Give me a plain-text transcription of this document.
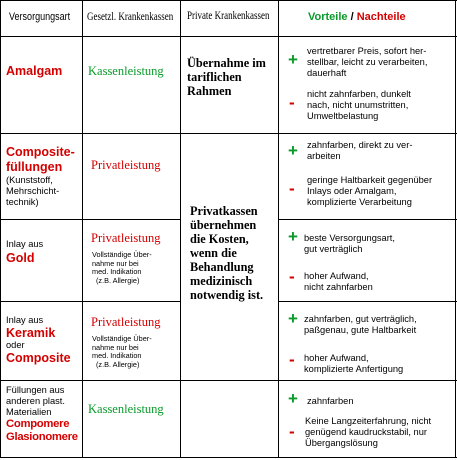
Versorgungsart Gesetzl. Krankenkassen Private Krankenkassen	Vorteile / Nachteile
Amalgam Kassenleistung
Übernahme im
tariflichen
Rahmen
+ vertretbarer Preis, sofort her-
stellbar, leicht zu verarbeiten,
dauerhaft
- nicht zahnfarben, dunkelt
nach, nicht unumstritten,
Umweltbelastung
Composite-
füllungen
(Kunststoff,
Mehrschicht-
technik)
Privatleistung
+ zahnfarben, direkt zu ver-
arbeiten
- geringe Haltbarkeit gegenüber
Inlays oder Amalgam,
komplizierte Verarbeitung
Privatkassen
übernehmen
die Kosten,
wenn die
Behandlung
medizinisch
notwendig ist.
Inlay aus
Gold
Privatleistung
Vollständige Über-
nahme nur bei
med. Indikation
(z.B. Allergie)
+ beste Versorgungsart,
gut verträglich
- hoher Aufwand,
nicht zahnfarben
Inlay aus
Keramik
oder
Composite
Privatleistung
Vollständige Über-
nahme nur bei
med. Indikation
(z.B. Allergie)
+ zahnfarben, gut verträglich,
paßgenau, gute Haltbarkeit
- hoher Aufwand,
komplizierte Anfertigung
Füllungen aus
anderen plast.
Materialien
Compomere
Glasionomere
Kassenleistung
+ zahnfarben
-
Keine Langzeiterfahrung, nicht
genügend kaudruckstabil, nur
Übergangslösung
